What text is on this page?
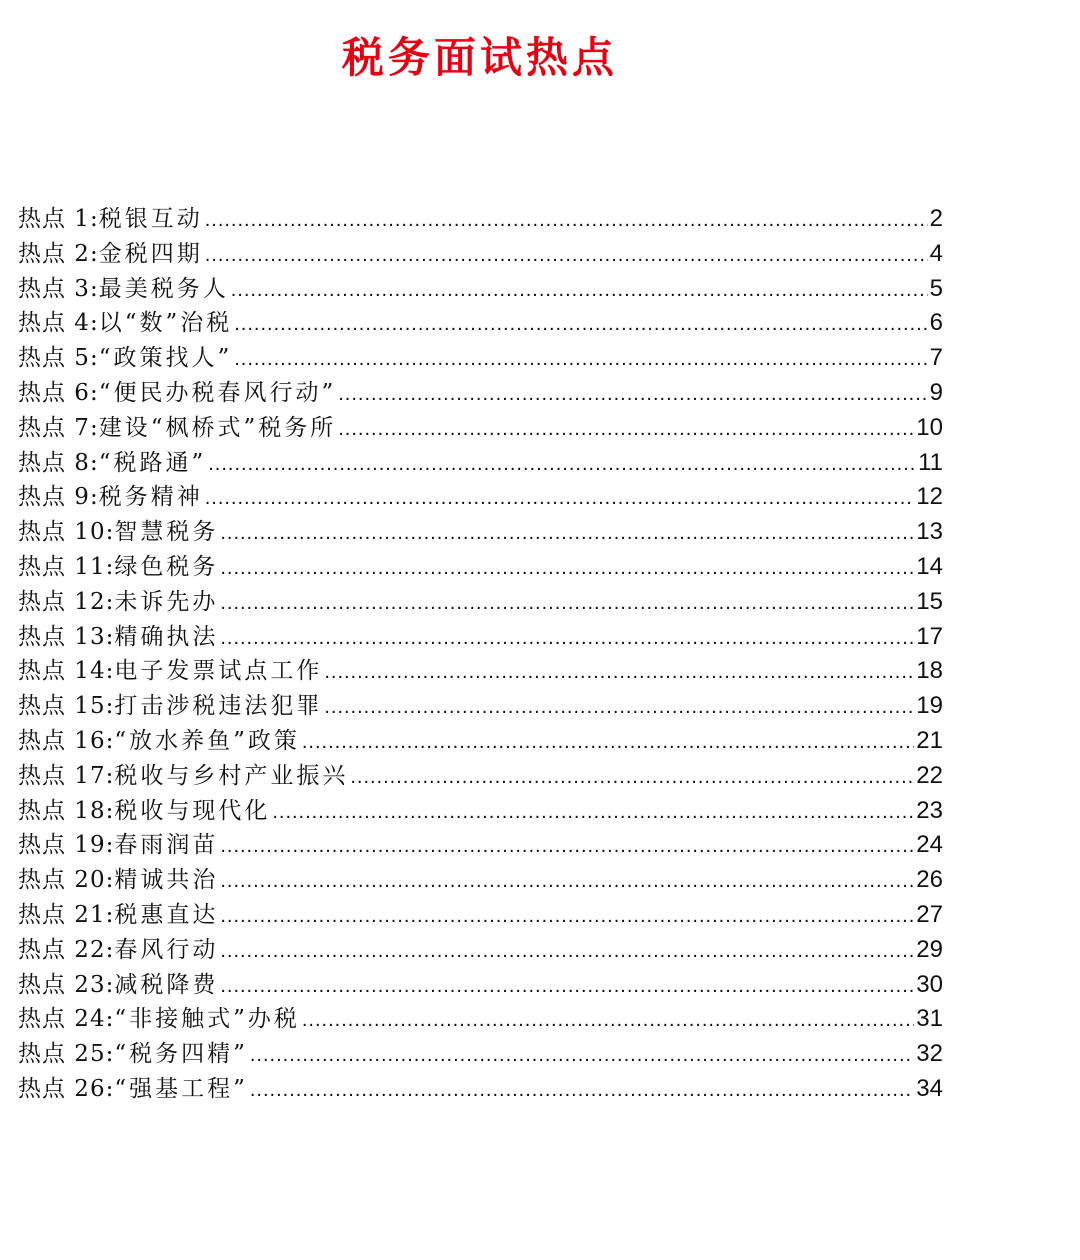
税务面试热点
热点 1: 税银互动 .....	2
热点 2: 金税四期 .....	4
热点 3: 最美税务人 .....	5
热点 4: 以“数”治税 .....	6
热点 5: “政策找人” .....	7
热点 6: “便民办税春风行动” .....	9
热点 7: 建设“枫桥式”税务所 .....	10
热点 8: “税路通” .....	11
热点 9: 税务精神 .....	12
热点 10: 智慧税务 .....	13
热点 11: 绿色税务 .....	14
热点 12: 未诉先办 .....	15
热点 13: 精确执法 .....	17
热点 14: 电子发票试点工作 .....	18
热点 15: 打击涉税违法犯罪 .....	19
热点 16: “放水养鱼”政策 .....	21
热点 17: 税收与乡村产业振兴 .....	22
热点 18: 税收与现代化 .....	23
热点 19: 春雨润苗 .....	24
热点 20: 精诚共治 .....	26
热点 21: 税惠直达 .....	27
热点 22: 春风行动 .....	29
热点 23: 减税降费 .....	30
热点 24: “非接触式”办税 .....	31
热点 25: “税务四精” .....	32
热点 26: “强基工程” .....	34
